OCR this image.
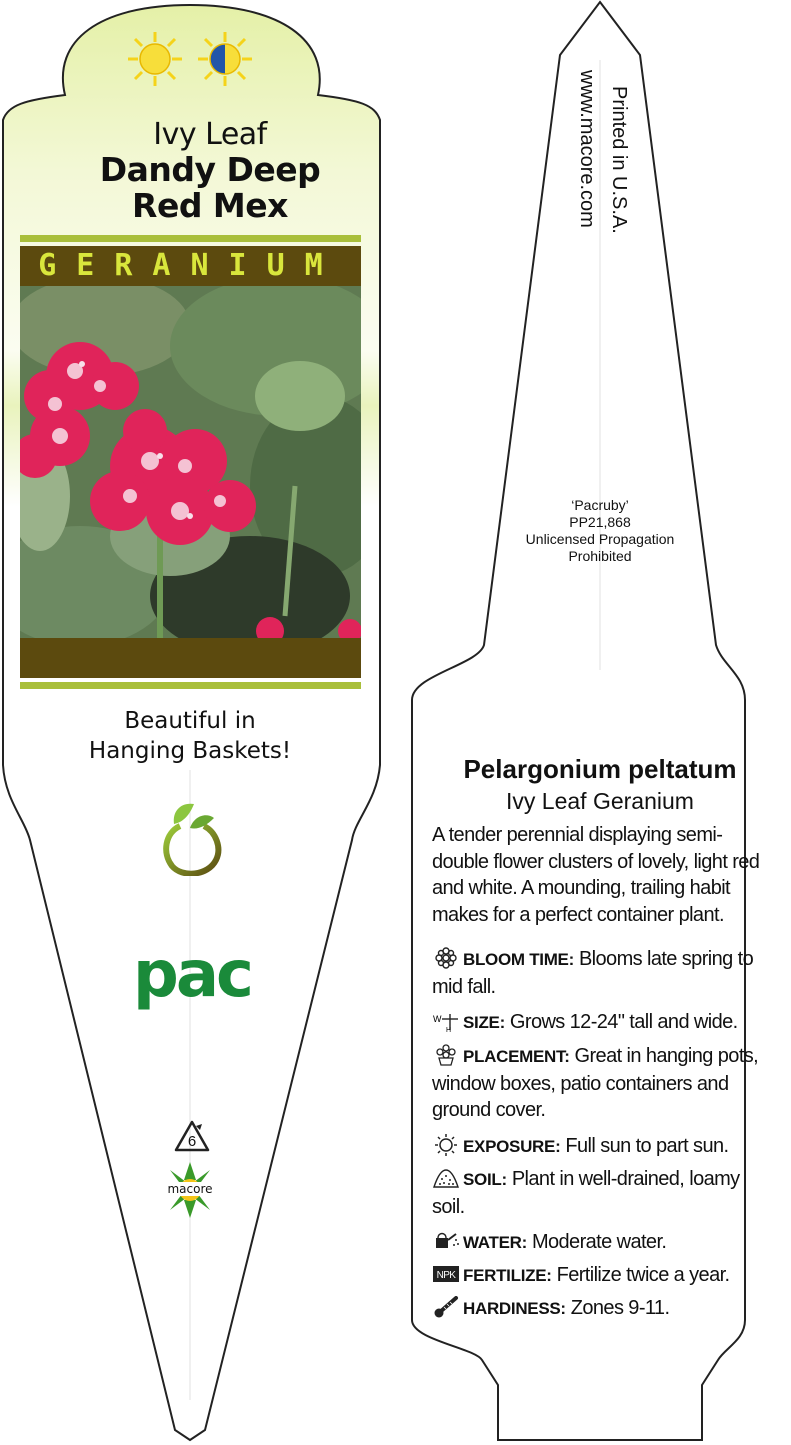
Ivy Leaf
Dandy Deep
Red Mex
GERANIUM
Beautiful in
Hanging Baskets!
pac
6
macore
Printed in U.S.A.
www.macore.com
‘Pacruby’
PP21,868
Unlicensed Propagation
Prohibited
Pelargonium peltatum
Ivy Leaf Geranium
A tender perennial displaying semi-double flower clusters of lovely, light red and white. A mounding, trailing habit makes for a perfect container plant.
BLOOM TIME: Blooms late spring to mid fall.
W
H SIZE: Grows 12-24" tall and wide.
PLACEMENT: Great in hanging pots, window boxes, patio containers and ground cover.
EXPOSURE: Full sun to part sun.
SOIL: Plant in well-drained, loamy soil.
WATER: Moderate water.
NPK FERTILIZE: Fertilize twice a year.
HARDINESS: Zones 9-11.
